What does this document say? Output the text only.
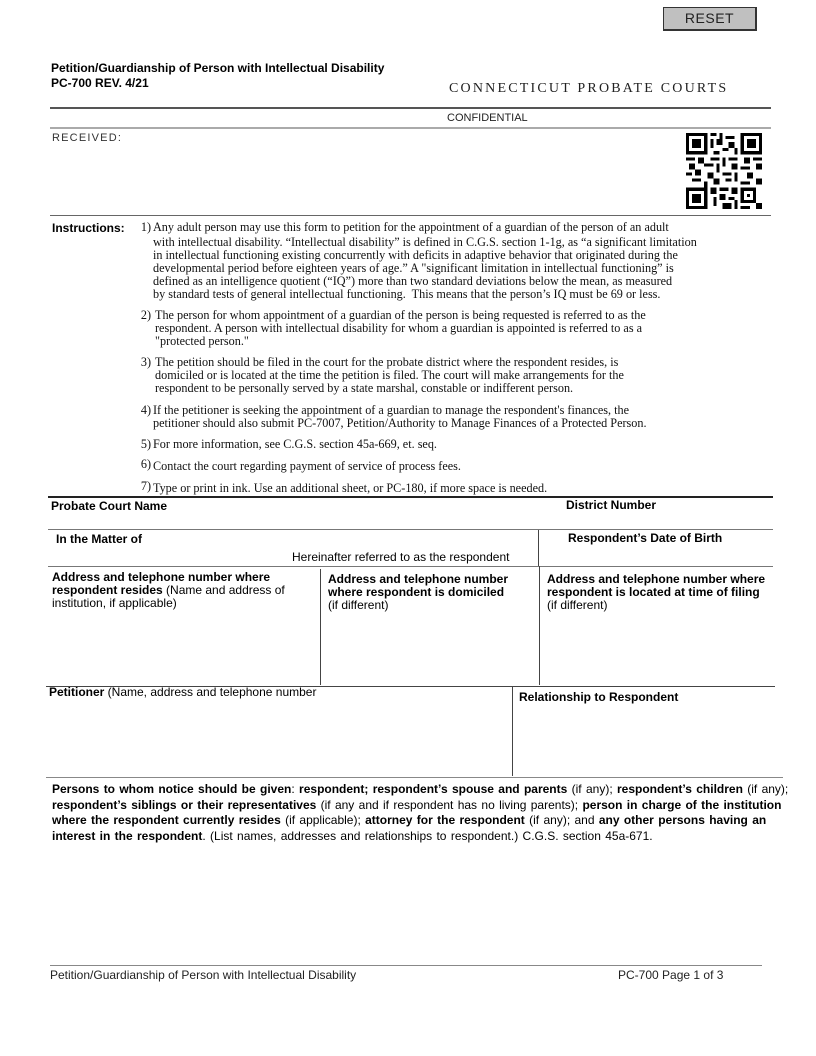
RESET
Petition/Guardianship of Person with Intellectual Disability
PC-700 REV. 4/21	CONNECTICUT PROBATE COURTS
CONFIDENTIAL
RECEIVED:
Instructions:	1) Any adult person may use this form to petition for the appointment of a guardian of the person of an adult
with intellectual disability. “Intellectual disability” is defined in C.G.S. section 1-1g, as “a significant limitation
in intellectual functioning existing concurrently with deficits in adaptive behavior that originated during the
developmental period before eighteen years of age.” A "significant limitation in intellectual functioning” is
defined as an intelligence quotient (“IQ”) more than two standard deviations below the mean, as measured
by standard tests of general intellectual functioning.  This means that the person’s IQ must be 69 or less.
2) The person for whom appointment of a guardian of the person is being requested is referred to as the
respondent. A person with intellectual disability for whom a guardian is appointed is referred to as a
"protected person."
3) The petition should be filed in the court for the probate district where the respondent resides, is
domiciled or is located at the time the petition is filed. The court will make arrangements for the
respondent to be personally served by a state marshal, constable or indifferent person.
4) If the petitioner is seeking the appointment of a guardian to manage the respondent's finances, the
petitioner should also submit PC-7007, Petition/Authority to Manage Finances of a Protected Person.
5) For more information, see C.G.S. section 45a-669, et. seq.
6) Contact the court regarding payment of service of process fees.
7) Type or print in ink. Use an additional sheet, or PC-180, if more space is needed.
Probate Court Name	District Number
In the Matter of
Hereinafter referred to as the respondent
Respondent’s Date of Birth
Address and telephone number where respondent resides (Name and address of institution, if applicable)
Address and telephone number where respondent is domiciled
(if different)
Address and telephone number where respondent is located at time of filing
(if different)
Petitioner (Name, address and telephone number	Relationship to Respondent
Persons to whom notice should be given: respondent; respondent’s spouse and parents (if any); respondent’s children (if any); respondent’s siblings or their representatives (if any and if respondent has no living parents); person in charge of the institution where the respondent currently resides (if applicable); attorney for the respondent (if any); and any other persons having an interest in the respondent. (List names, addresses and relationships to respondent.) C.G.S. section 45a-671.
Petition/Guardianship of Person with Intellectual Disability	PC-700 Page 1 of 3
